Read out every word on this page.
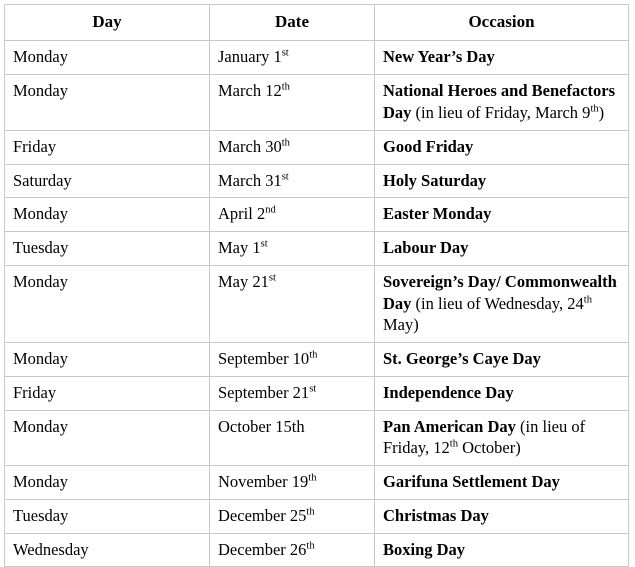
Day	Date	Occasion
Monday	January 1st	New Year’s Day
Monday	March 12th	National Heroes and Benefactors Day (in lieu of Friday, March 9th)
Friday	March 30th	Good Friday
Saturday	March 31st	Holy Saturday
Monday	April 2nd	Easter Monday
Tuesday	May 1st	Labour Day
Monday	May 21st	Sovereign’s Day/ Commonwealth Day (in lieu of Wednesday, 24th May)
Monday	September 10th	St. George’s Caye Day
Friday	September 21st	Independence Day
Monday	October 15th	Pan American Day (in lieu of Friday, 12th October)
Monday	November 19th	Garifuna Settlement Day
Tuesday	December 25th	Christmas Day
Wednesday	December 26th	Boxing Day
